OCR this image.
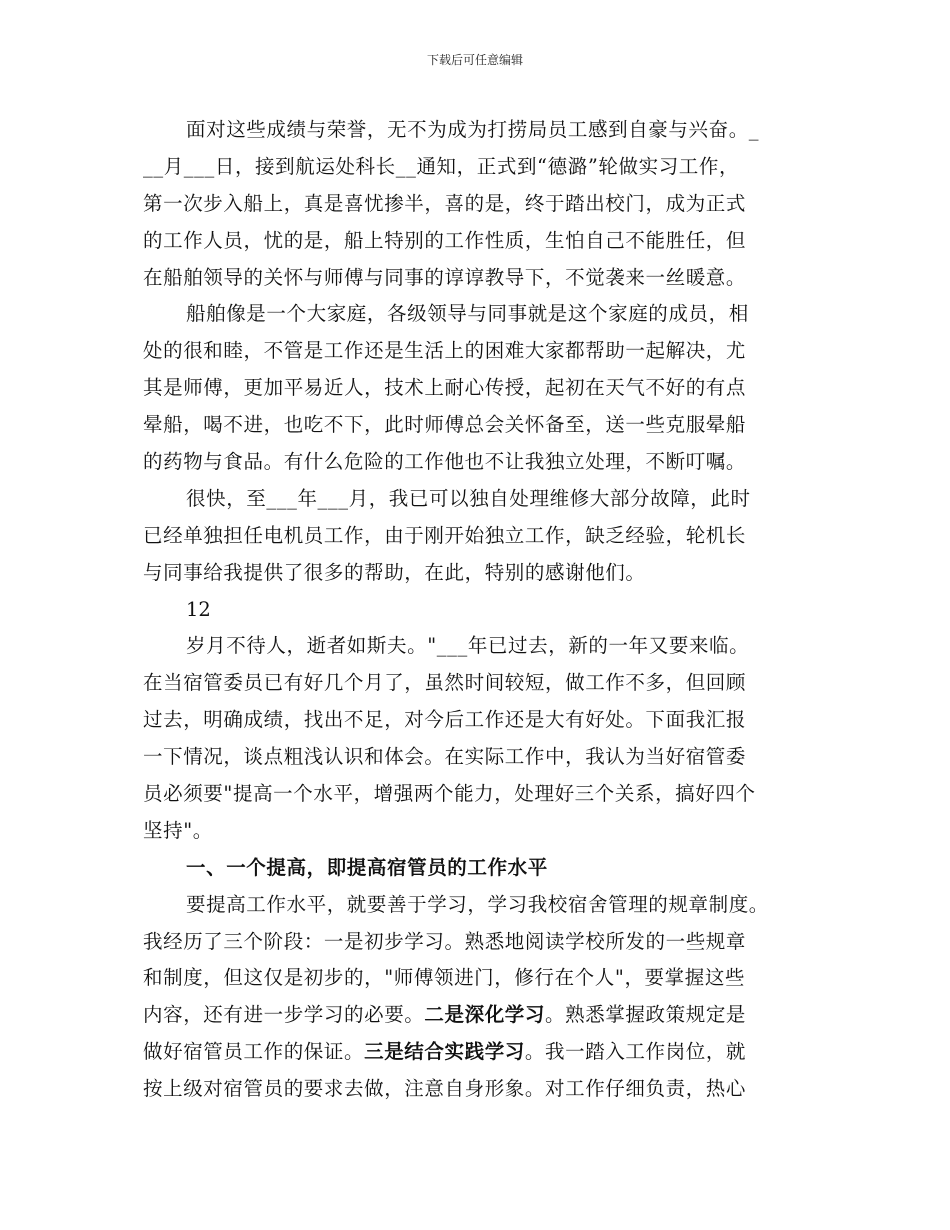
下载后可任意编辑
面对这些成绩与荣誉，无不为成为打捞局员工感到自豪与兴奋。_
__月___日，接到航运处科长__通知，正式到“德潞”轮做实习工作，
第一次步入船上，真是喜忧掺半，喜的是，终于踏出校门，成为正式
的工作人员，忧的是，船上特别的工作性质，生怕自己不能胜任，但
在船舶领导的关怀与师傅与同事的谆谆教导下，不觉袭来一丝暖意。
船舶像是一个大家庭，各级领导与同事就是这个家庭的成员，相
处的很和睦，不管是工作还是生活上的困难大家都帮助一起解决，尤
其是师傅，更加平易近人，技术上耐心传授，起初在天气不好的有点
晕船，喝不进，也吃不下，此时师傅总会关怀备至，送一些克服晕船
的药物与食品。有什么危险的工作他也不让我独立处理，不断叮嘱。
很快，至___年___月，我已可以独自处理维修大部分故障，此时
已经单独担任电机员工作，由于刚开始独立工作，缺乏经验，轮机长
与同事给我提供了很多的帮助，在此，特别的感谢他们。
12
岁月不待人，逝者如斯夫。"___年已过去，新的一年又要来临。
在当宿管委员已有好几个月了，虽然时间较短，做工作不多，但回顾
过去，明确成绩，找出不足，对今后工作还是大有好处。下面我汇报
一下情况，谈点粗浅认识和体会。在实际工作中，我认为当好宿管委
员必须要"提高一个水平，增强两个能力，处理好三个关系，搞好四个
坚持"。
一、一个提高，即提高宿管员的工作水平
要提高工作水平，就要善于学习，学习我校宿舍管理的规章制度。
我经历了三个阶段：一是初步学习。熟悉地阅读学校所发的一些规章
和制度，但这仅是初步的，"师傅领进门，修行在个人"，要掌握这些
内容，还有进一步学习的必要。二是深化学习。熟悉掌握政策规定是
做好宿管员工作的保证。三是结合实践学习。我一踏入工作岗位，就
按上级对宿管员的要求去做，注意自身形象。对工作仔细负责，热心
